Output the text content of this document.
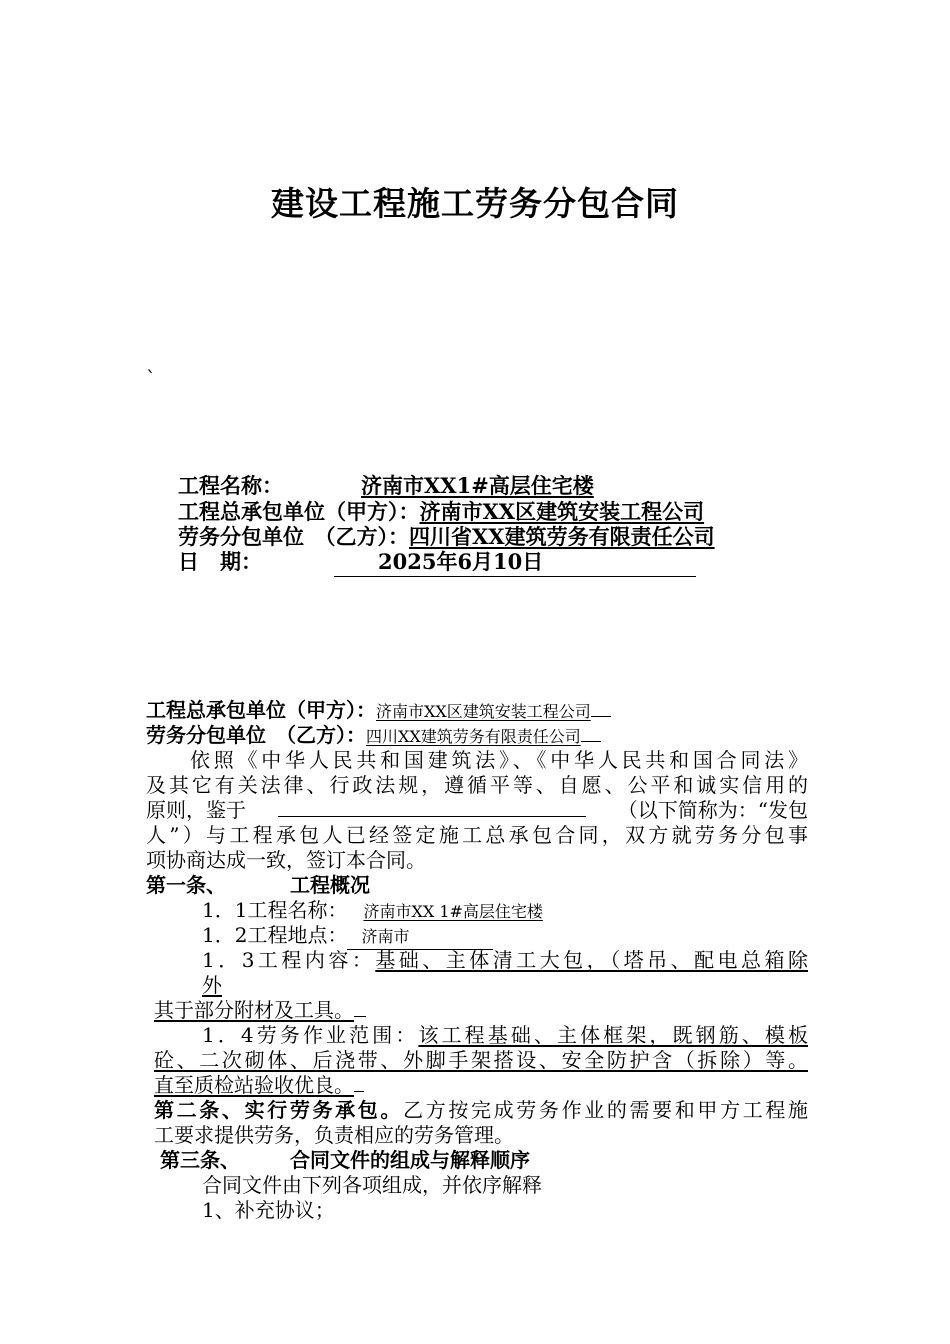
建设工程施工劳务分包合同
`
工程名称：	济南市XX1#高层住宅楼
工程总承包单位（甲方）：济南市XX区建筑安装工程公司
劳务分包单位　（乙方）：四川省XX建筑劳务有限责任公司
日　期：	2025年6月10日
工程总承包单位（甲方）：济南市XX区建筑安装工程公司
劳务分包单位　（乙方）：四川XX建筑劳务有限责任公司
依照《中华人民共和国建筑法》、《中华人民共和国合同法》
及其它有关法律、行政法规，遵循平等、自愿、公平和诚实信用的
原则，鉴于	（以下简称为：“发包
人”）与工程承包人已经签定施工总承包合同，双方就劳务分包事
项协商达成一致，签订本合同。
第一条、	工程概况
1．1工程名称： 济南市XX 1#高层住宅楼
1．2工程地点： 济南市
1．3工程内容：基础、主体清工大包，（塔吊、配电总箱除
外
其于部分附材及工具。
1．4劳务作业范围：该工程基础、主体框架，既钢筋、模板
砼、二次砌体、后浇带、外脚手架搭设、安全防护含（拆除）等。
直至质检站验收优良。
第二条、实行劳务承包。乙方按完成劳务作业的需要和甲方工程施
工要求提供劳务，负责相应的劳务管理。
第三条、	合同文件的组成与解释顺序
合同文件由下列各项组成，并依序解释
1、补充协议；
